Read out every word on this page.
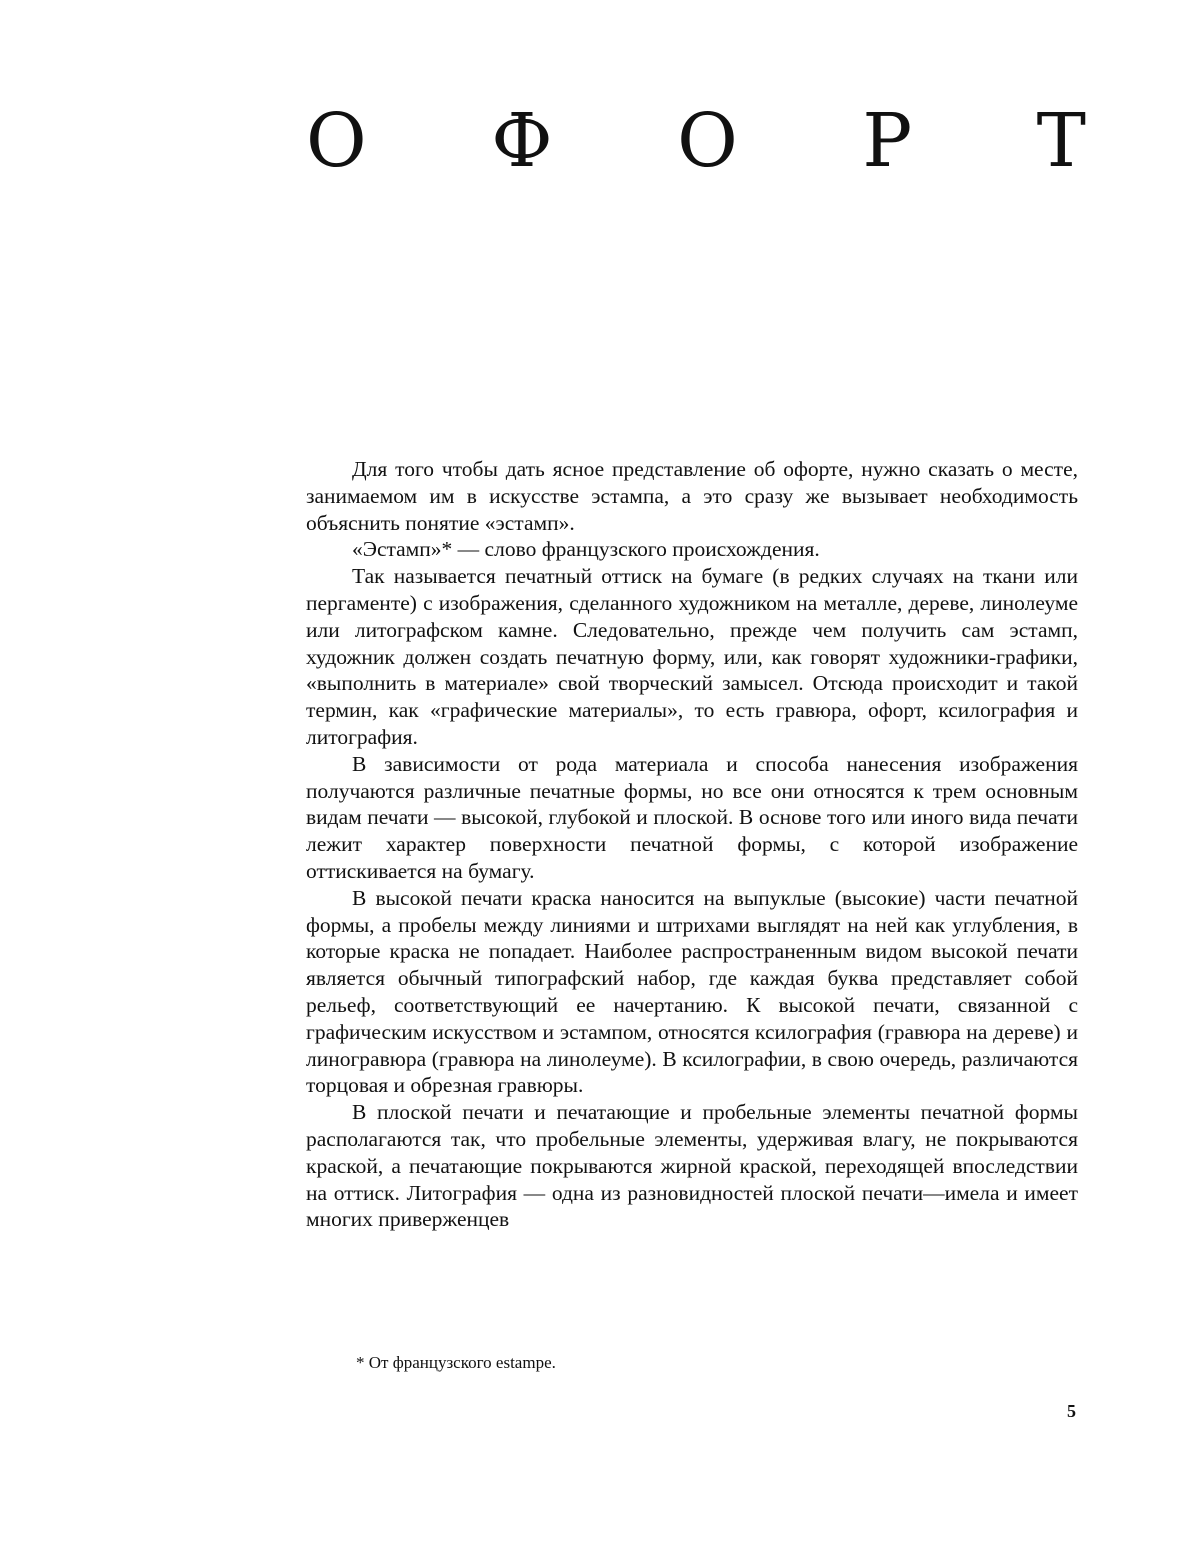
О Ф О Р Т

Для того чтобы дать ясное представление об офорте, нужно сказать о месте, занимаемом им в искусстве эстампа, а это сразу же вызывает необходимость объяснить понятие «эстамп».

«Эстамп»* — слово французского происхождения.

Так называется печатный оттиск на бумаге (в редких случаях на ткани или пергаменте) с изображения, сделанного художником на металле, дереве, линолеуме или литографском камне. Следовательно, прежде чем получить сам эстамп, художник должен создать печатную форму, или, как говорят художники-графики, «выполнить в материале» свой творческий замысел. Отсюда происходит и такой термин, как «графические материалы», то есть гравюра, офорт, ксилография и литография.

В зависимости от рода материала и способа нанесения изображения получаются различные печатные формы, но все они относятся к трем основным видам печати — высокой, глубокой и плоской. В основе того или иного вида печати лежит характер поверхности печатной формы, с которой изображение оттискивается на бумагу.

В высокой печати краска наносится на выпуклые (высокие) части печатной формы, а пробелы между линиями и штрихами выглядят на ней как углубления, в которые краска не попадает. Наиболее распространенным видом высокой печати является обычный типографский набор, где каждая буква представляет собой рельеф, соответствующий ее начертанию. К высокой печати, связанной с графическим искусством и эстампом, относятся ксилография (гравюра на дереве) и линогравюра (гравюра на линолеуме). В ксилографии, в свою очередь, различаются торцовая и обрезная гравюры.

В плоской печати и печатающие и пробельные элементы печатной формы располагаются так, что пробельные элементы, удерживая влагу, не покрываются краской, а печатающие покрываются жирной краской, переходящей впоследствии на оттиск. Литография — одна из разновидностей плоской печати—имела и имеет многих приверженцев

* От французского estampe.
5
